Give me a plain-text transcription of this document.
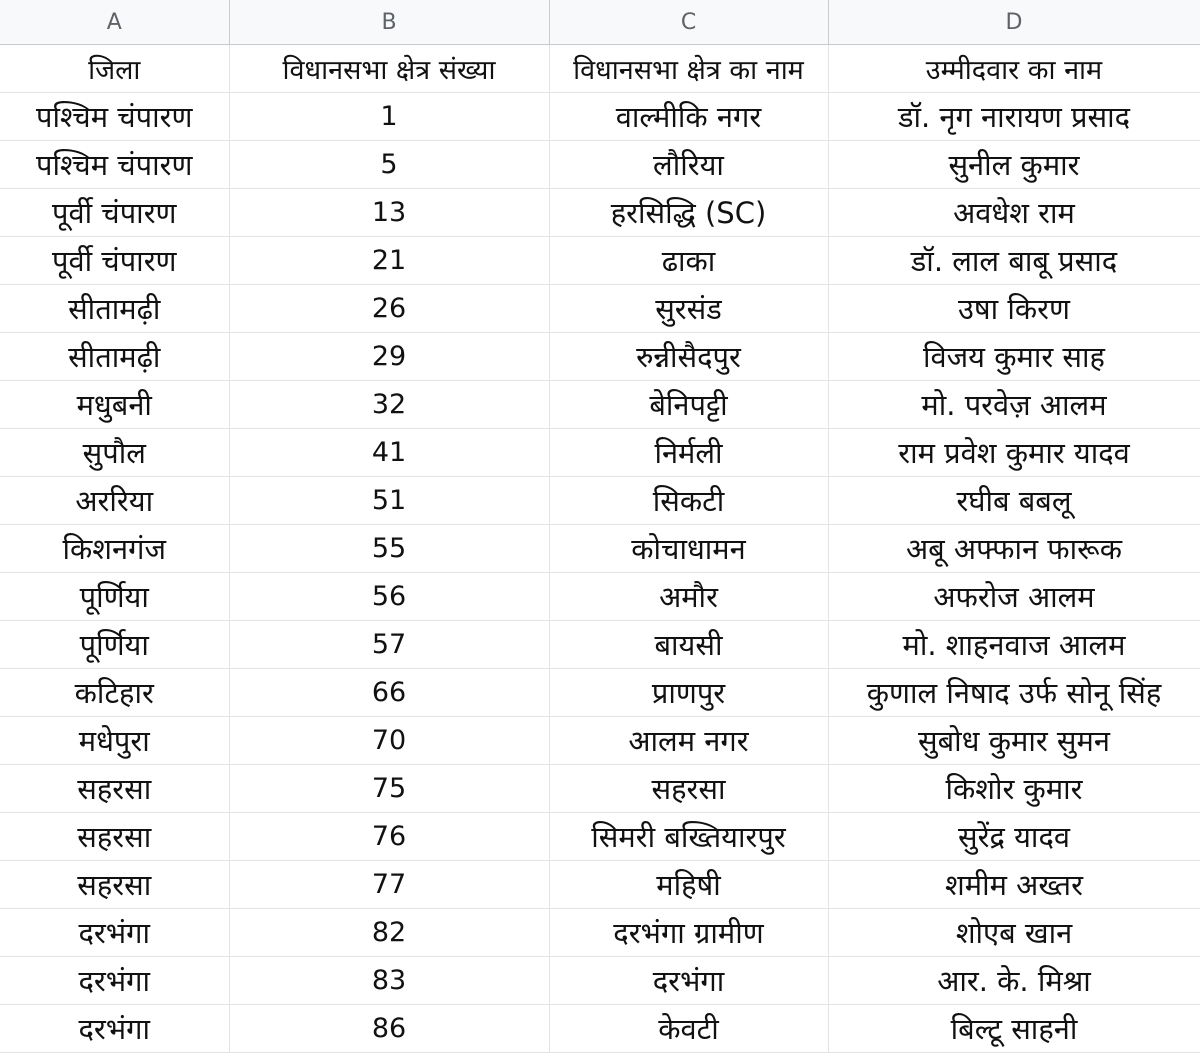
A	B	C	D
जिला	विधानसभा क्षेत्र संख्या	विधानसभा क्षेत्र का नाम	उम्मीदवार का नाम
पश्चिम चंपारण	1	वाल्मीकि नगर	डॉ. नृग नारायण प्रसाद
पश्चिम चंपारण	5	लौरिया	सुनील कुमार
पूर्वी चंपारण	13	हरसिद्धि (SC)	अवधेश राम
पूर्वी चंपारण	21	ढाका	डॉ. लाल बाबू प्रसाद
सीतामढ़ी	26	सुरसंड	उषा किरण
सीतामढ़ी	29	रुन्नीसैदपुर	विजय कुमार साह
मधुबनी	32	बेनिपट्टी	मो. परवेज़ आलम
सुपौल	41	निर्मली	राम प्रवेश कुमार यादव
अररिया	51	सिकटी	रघीब बबलू
किशनगंज	55	कोचाधामन	अबू अफ्फान फारूक
पूर्णिया	56	अमौर	अफरोज आलम
पूर्णिया	57	बायसी	मो. शाहनवाज आलम
कटिहार	66	प्राणपुर	कुणाल निषाद उर्फ सोनू सिंह
मधेपुरा	70	आलम नगर	सुबोध कुमार सुमन
सहरसा	75	सहरसा	किशोर कुमार
सहरसा	76	सिमरी बख्तियारपुर	सुरेंद्र यादव
सहरसा	77	महिषी	शमीम अख्तर
दरभंगा	82	दरभंगा ग्रामीण	शोएब खान
दरभंगा	83	दरभंगा	आर. के. मिश्रा
दरभंगा	86	केवटी	बिल्टू साहनी
